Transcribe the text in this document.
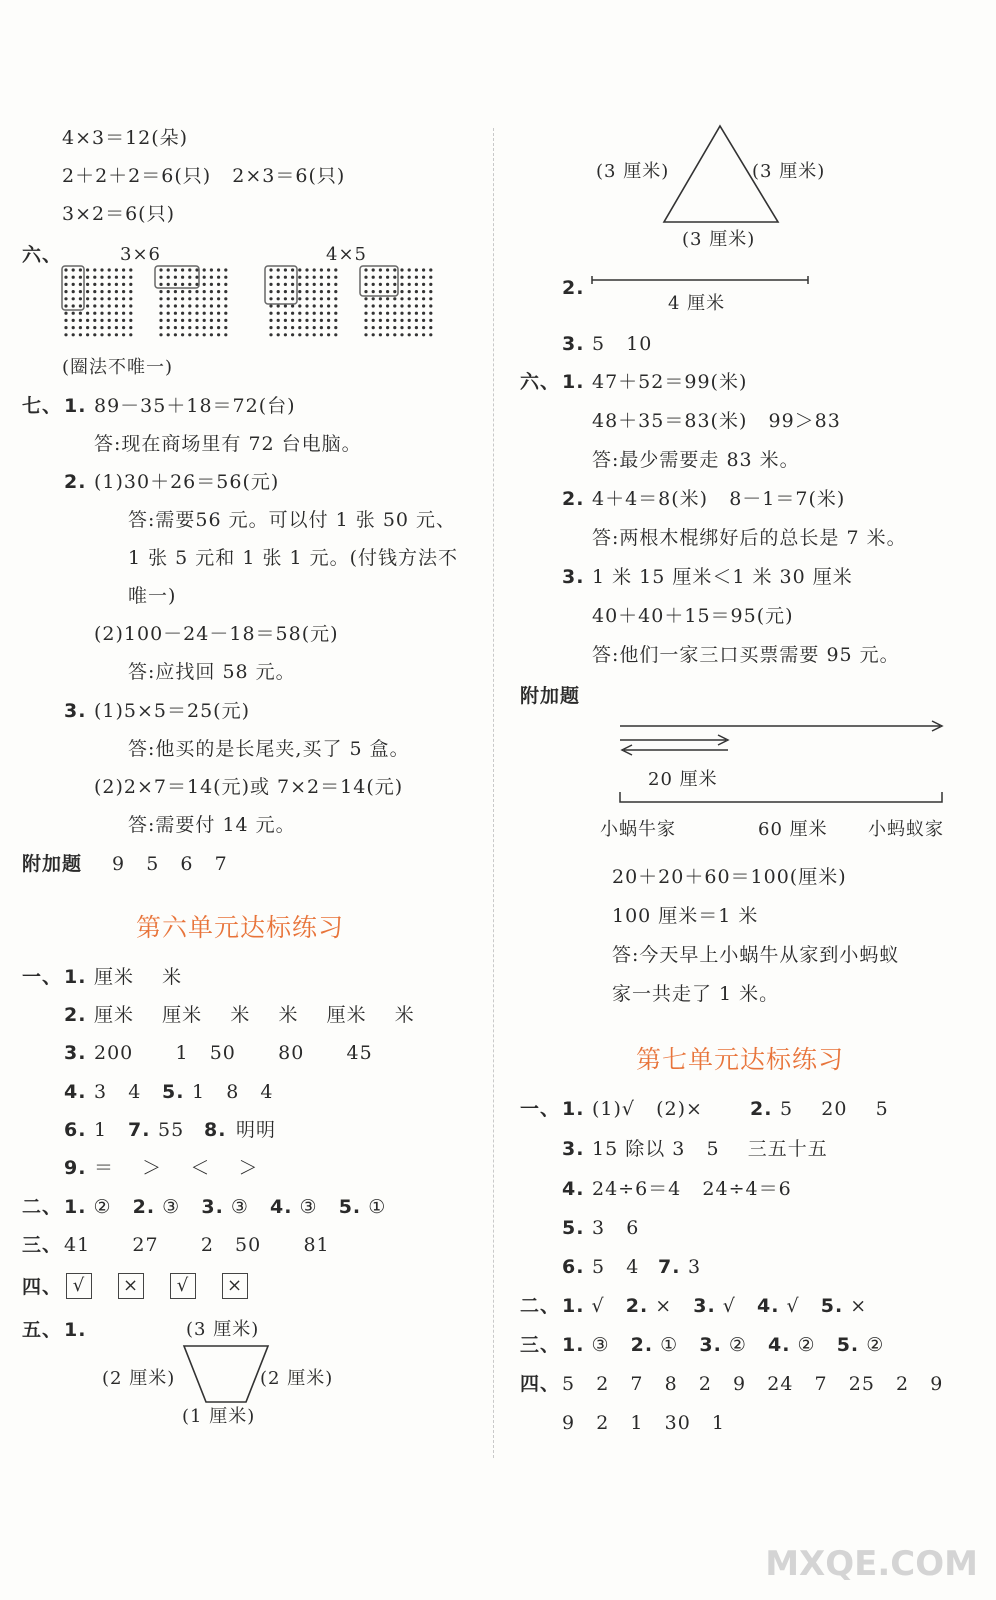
4×3＝12(朵)
2＋2＋2＝6(只)   2×3＝6(只)
3×2＝6(只)
六、	3×6	4×5
(圈法不唯一)
七、 1. 89－35＋18＝72(台)
答:现在商场里有 72 台电脑。
2. (1)30＋26＝56(元)
答:需要56 元。可以付 1 张 50 元、
1 张 5 元和 1 张 1 元。(付钱方法不
唯一)
(2)100－24－18＝58(元)
答:应找回 58 元。
3. (1)5×5＝25(元)
答:他买的是长尾夹,买了 5 盒。
(2)2×7＝14(元)或 7×2＝14(元)
答:需要付 14 元。
附加题 9   5   6   7
第六单元达标练习
一、 1. 厘米    米
2. 厘米    厘米    米    米    厘米    米
3. 200      1   50      80      45
4. 3   4 5. 1   8   4
6. 1 7. 55 8. 明明
9. ＝    ＞    ＜    ＞
二、 1. ② 2. ③ 3. ③ 4. ③ 5. ①
三、 41      27      2   50      81
四、 √ × √ ×
五、 1.	(3 厘米)
(2 厘米)	(2 厘米)
(1 厘米)
(3 厘米)	(3 厘米)
(3 厘米)
2.
4 厘米
3. 5   10
六、 1. 47＋52＝99(米)
48＋35＝83(米)   99＞83
答:最少需要走 83 米。
2. 4＋4＝8(米)   8－1＝7(米)
答:两根木棍绑好后的总长是 7 米。
3. 1 米 15 厘米＜1 米 30 厘米
40＋40＋15＝95(元)
答:他们一家三口买票需要 95 元。
附加题
20 厘米
小蜗牛家	60 厘米 小蚂蚁家
20＋20＋60＝100(厘米)
100 厘米＝1 米
答:今天早上小蜗牛从家到小蚂蚁
家一共走了 1 米。
第七单元达标练习
一、 1. (1)√   (2)× 2. 5    20    5
3. 15 除以 3   5    三五十五
4. 24÷6＝4   24÷4＝6
5. 3   6
6. 5   4 7. 3
二、 1. √ 2. × 3. √ 4. √ 5. ×
三、 1. ③ 2. ① 3. ② 4. ② 5. ②
四、 5   2   7   8   2   9   24   7   25   2   9
9   2   1   30   1
MXQE.COM
